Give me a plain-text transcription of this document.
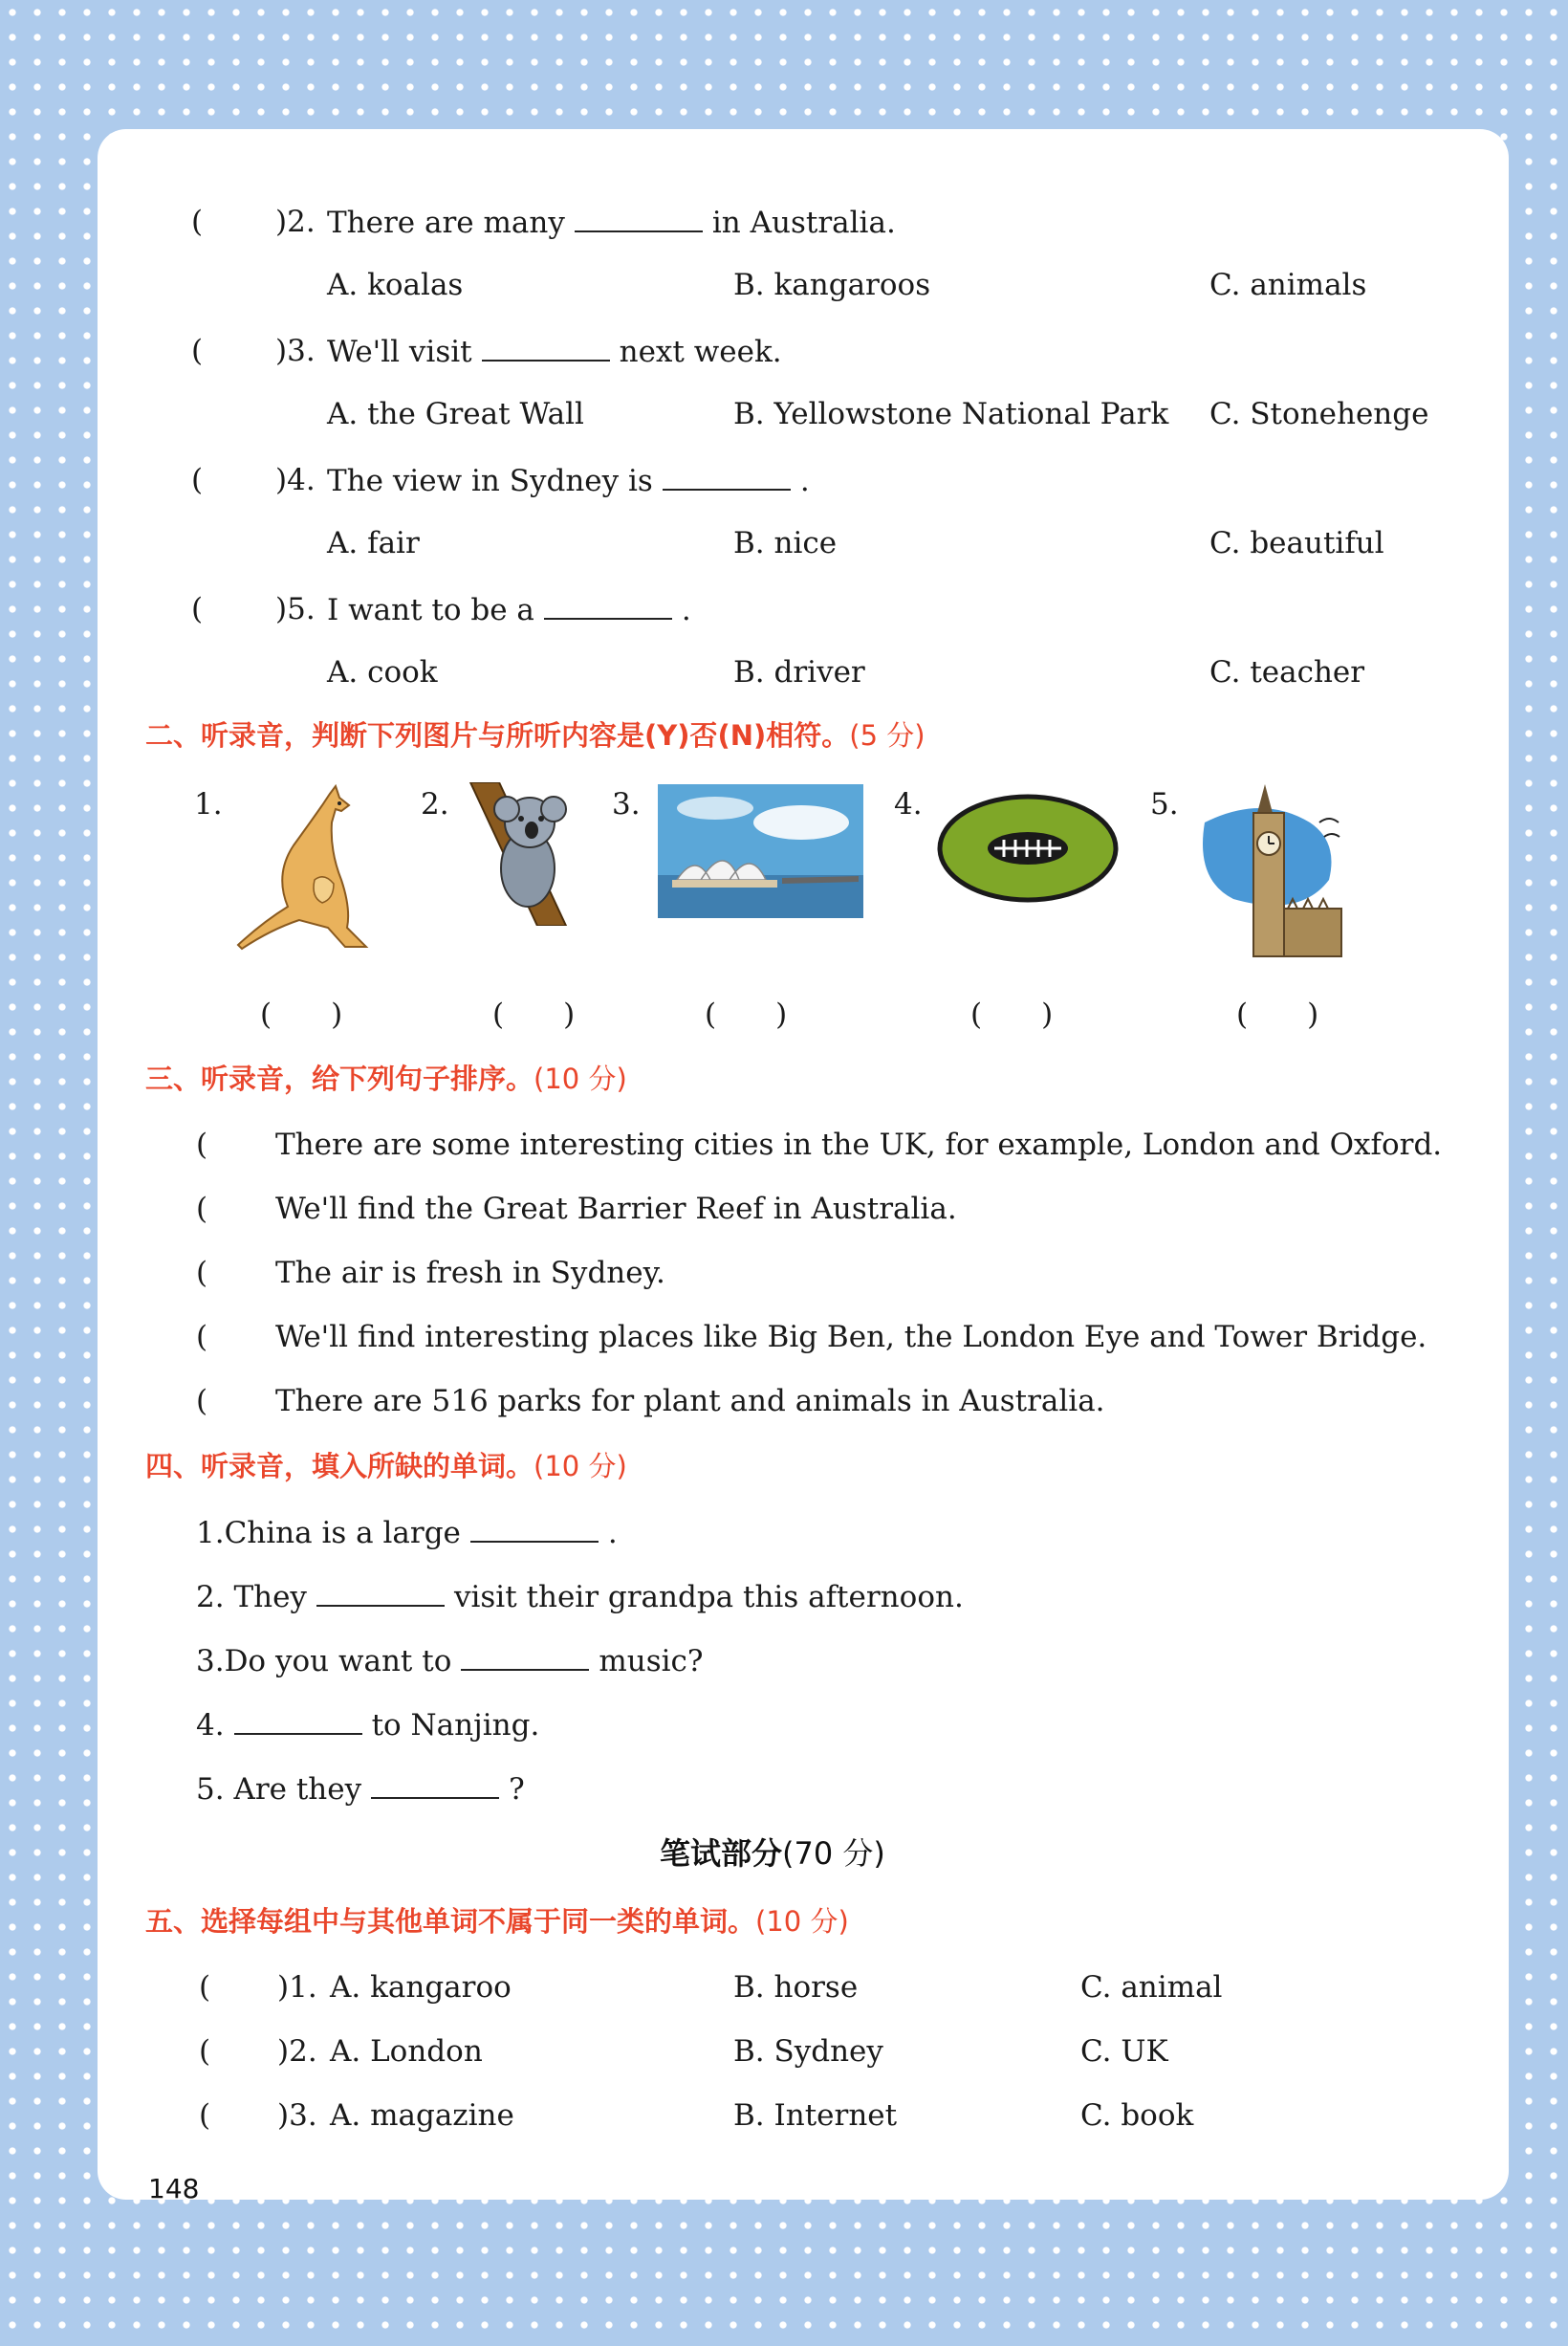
( )2. There are many	in Australia.
A. koalas	B. kangaroos	C. animals
( )3. We'll visit	next week.
A. the Great Wall	B. Yellowstone National Park C. Stonehenge
( )4. The view in Sydney is	.
A. fair	B. nice	C. beautiful
( )5. I want to be a	.
A. cook	B. driver	C. teacher
二、听录音，判断下列图片与所听内容是(Y)否(N)相符。(5 分)
1.	2.	3.	4.	5.
(　　)	(　　)	(　　)	(　　)	(　　)
三、听录音，给下列句子排序。(10 分)
( There are some interesting cities in the UK, for example, London and Oxford.
( We'll find the Great Barrier Reef in Australia.
( The air is fresh in Sydney.
( We'll find interesting places like Big Ben, the London Eye and Tower Bridge.
( There are 516 parks for plant and animals in Australia.
四、听录音，填入所缺的单词。(10 分)
1.China is a large	.
2. They	visit their grandpa this afternoon.
3.Do you want to	music?
4.	to Nanjing.
5. Are they	?
笔试部分(70 分)
五、选择每组中与其他单词不属于同一类的单词。(10 分)
( )1. A. kangaroo	B. horse	C. animal
( )2. A. London	B. Sydney	C. UK
( )3. A. magazine	B. Internet	C. book
148
